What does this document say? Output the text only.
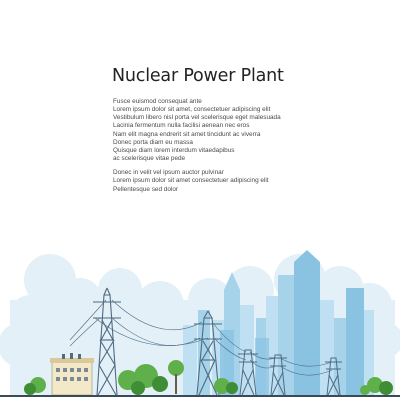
Nuclear Power Plant

Fusce euismod consequat ante
Lorem ipsum dolor sit amet, consectetuer adipiscing elit
Vestibulum libero nisl porta vel scelerisque eget malesuada
Lacinia fermentum nulla facilisi aenean nec eros
Nam elit magna endrerit sit amet tincidunt ac viverra
Donec porta diam eu massa
Quisque diam lorem interdum vitaedapibus
ac scelerisque vitae pede

Donec in velit vel ipsum auctor pulvinar
Lorem ipsum dolor sit amet consectetuer adipiscing elit
Pellentesque sed dolor
